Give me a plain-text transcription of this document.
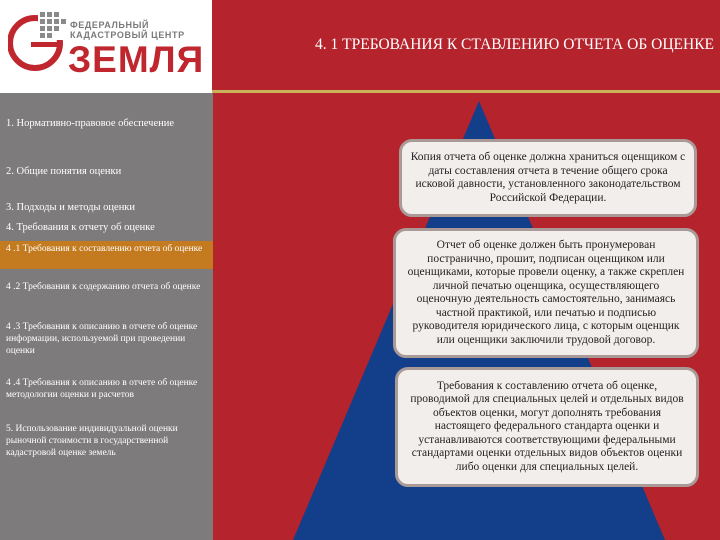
ФЕДЕРАЛЬНЫЙ
КАДАСТРОВЫЙ ЦЕНТР
ЗЕМЛЯ	4. 1 ТРЕБОВАНИЯ К СТАВЛЕНИЮ ОТЧЕТА ОБ ОЦЕНКЕ
1. Нормативно-правовое обеспечение
2. Общие понятия оценки
3. Подходы и методы оценки
4. Требования к отчету об оценке
4 .1 Требования к составлению отчета об оценке
4 .2 Требования к содержанию отчета об оценке
4 .3 Требования к описанию в отчете об оценке информации, используемой при проведении оценки
4 .4 Требования к описанию в отчете об оценке методологии оценки и расчетов
5. Использование индивидуальной оценки рыночной стоимости в государственной кадастровой оценке земель
Копия отчета об оценке должна храниться оценщиком с даты составления отчета в течение общего срока исковой давности, установленного законодательством Российской Федерации.
Отчет об оценке должен быть пронумерован постранично, прошит, подписан оценщиком или оценщиками, которые провели оценку, а также скреплен личной печатью оценщика, осуществляющего оценочную деятельность самостоятельно, занимаясь частной практикой, или печатью и подписью руководителя юридического лица, с которым оценщик или оценщики заключили трудовой договор.
Требования к составлению отчета об оценке, проводимой для специальных целей и отдельных видов объектов оценки, могут дополнять требования настоящего федерального стандарта оценки и устанавливаются соответствующими федеральными стандартами оценки отдельных видов объектов оценки либо оценки для специальных целей.
